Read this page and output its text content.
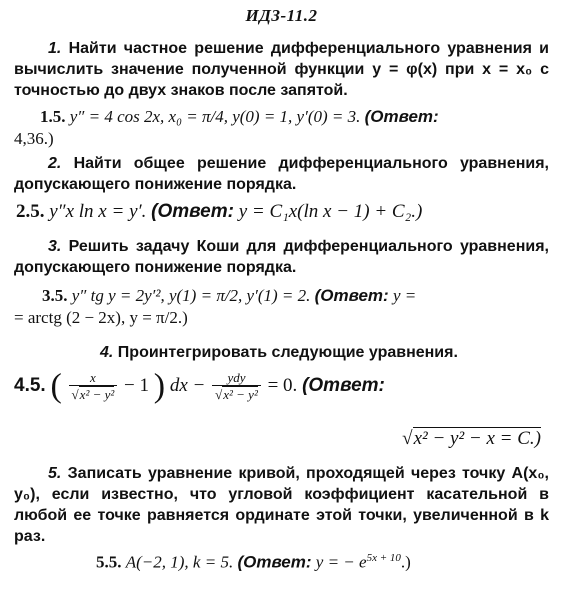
ИДЗ-11.2
1. Найти частное решение дифференциального уравнения и вычислить значение полученной функции y = φ(x) при x = x₀ с точностью до двух знаков после запятой.
1.5. y″ = 4 cos 2x, x₀ = π/4, y(0) = 1, y′(0) = 3. (Ответ:
4,36.)
2. Найти общее решение дифференциального уравнения, допускающего понижение порядка.
2.5. y″x ln x = y′. (Ответ: y = C₁x(ln x − 1) + C₂.)
3. Решить задачу Коши для дифференциального уравнения, допускающего понижение порядка.
3.5. y″ tg y = 2y′², y(1) = π/2, y′(1) = 2. (Ответ: y =
= arctg (2 − 2x), y = π/2.)
4. Проинтегрировать следующие уравнения.
4.5. ( $\frac{x}{\text{√x² − y²}} - 1$ ) dx − $\frac{\text{ydy}}{\text{√x² − y²}} = 0$. (Ответ:
√x² − y² − x = C.)
5. Записать уравнение кривой, проходящей через точку A(x₀, y₀), если известно, что угловой коэффициент касательной в любой ее точке равняется ординате этой точки, увеличенной в k раз.
5.5. A(−2, 1), k = 5. (Ответ: y = − $e^{5x + 10}$.)
